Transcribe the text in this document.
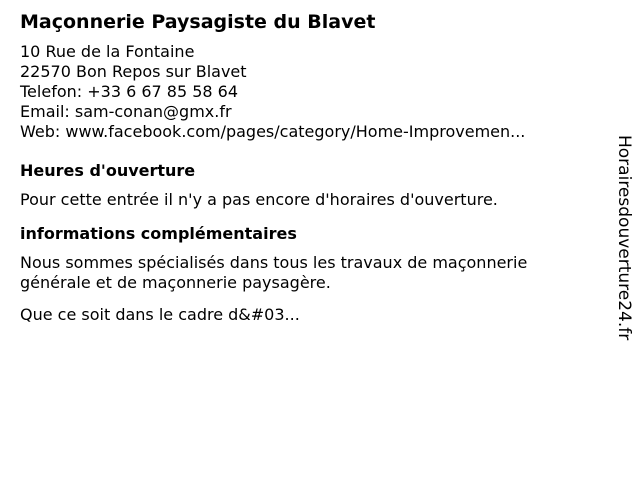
Maçonnerie Paysagiste du Blavet
10 Rue de la Fontaine
22570 Bon Repos sur Blavet
Telefon: +33 6 67 85 58 64
Email: sam-conan@gmx.fr
Web: www.facebook.com/pages/category/Home-Improvemen...
Heures d'ouverture
Pour cette entrée il n'y a pas encore d'horaires d'ouverture.
informations complémentaires
Nous sommes spécialisés dans tous les travaux de maçonnerie générale et de maçonnerie paysagère.
Que ce soit dans le cadre d&#03...	Horairesdouverture24.fr
